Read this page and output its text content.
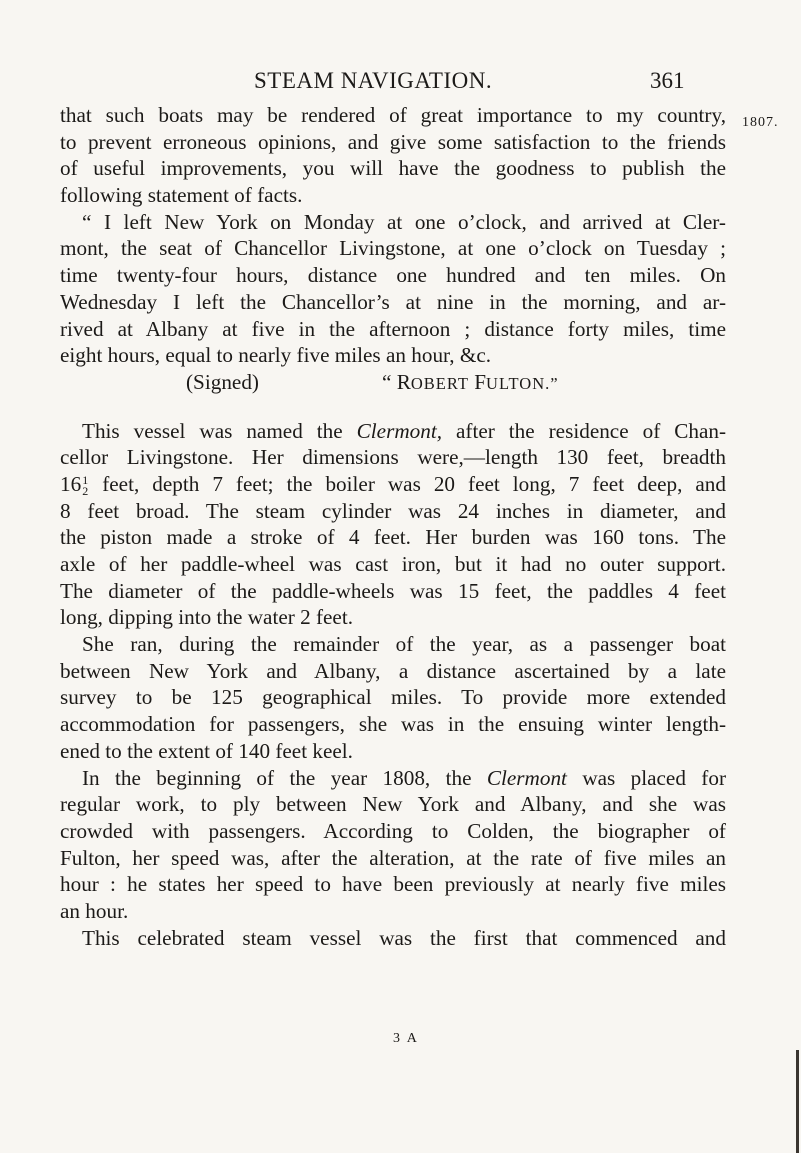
STEAM NAVIGATION.	361
1807.
that such boats may be rendered of great importance to my country,
to prevent erroneous opinions, and give some satisfaction to the friends
of useful improvements, you will have the goodness to publish the
following statement of facts.
“ I left New York on Monday at one o’clock, and arrived at Cler-
mont, the seat of Chancellor Livingstone, at one o’clock on Tuesday ;
time twenty-four hours, distance one hundred and ten miles. On
Wednesday I left the Chancellor’s at nine in the morning, and ar-
rived at Albany at five in the afternoon ; distance forty miles, time
eight hours, equal to nearly five miles an hour, &c.
(Signed)	“ ROBERT FULTON.”
This vessel was named the Clermont, after the residence of Chan-
cellor Livingstone. Her dimensions were,—length 130 feet, breadth
161
2 feet, depth 7 feet; the boiler was 20 feet long, 7 feet deep, and
8 feet broad. The steam cylinder was 24 inches in diameter, and
the piston made a stroke of 4 feet. Her burden was 160 tons. The
axle of her paddle-wheel was cast iron, but it had no outer support.
The diameter of the paddle-wheels was 15 feet, the paddles 4 feet
long, dipping into the water 2 feet.
She ran, during the remainder of the year, as a passenger boat
between New York and Albany, a distance ascertained by a late
survey to be 125 geographical miles. To provide more extended
accommodation for passengers, she was in the ensuing winter length-
ened to the extent of 140 feet keel.
In the beginning of the year 1808, the Clermont was placed for
regular work, to ply between New York and Albany, and she was
crowded with passengers. According to Colden, the biographer of
Fulton, her speed was, after the alteration, at the rate of five miles an
hour : he states her speed to have been previously at nearly five miles
an hour.
This celebrated steam vessel was the first that commenced and
3 A
